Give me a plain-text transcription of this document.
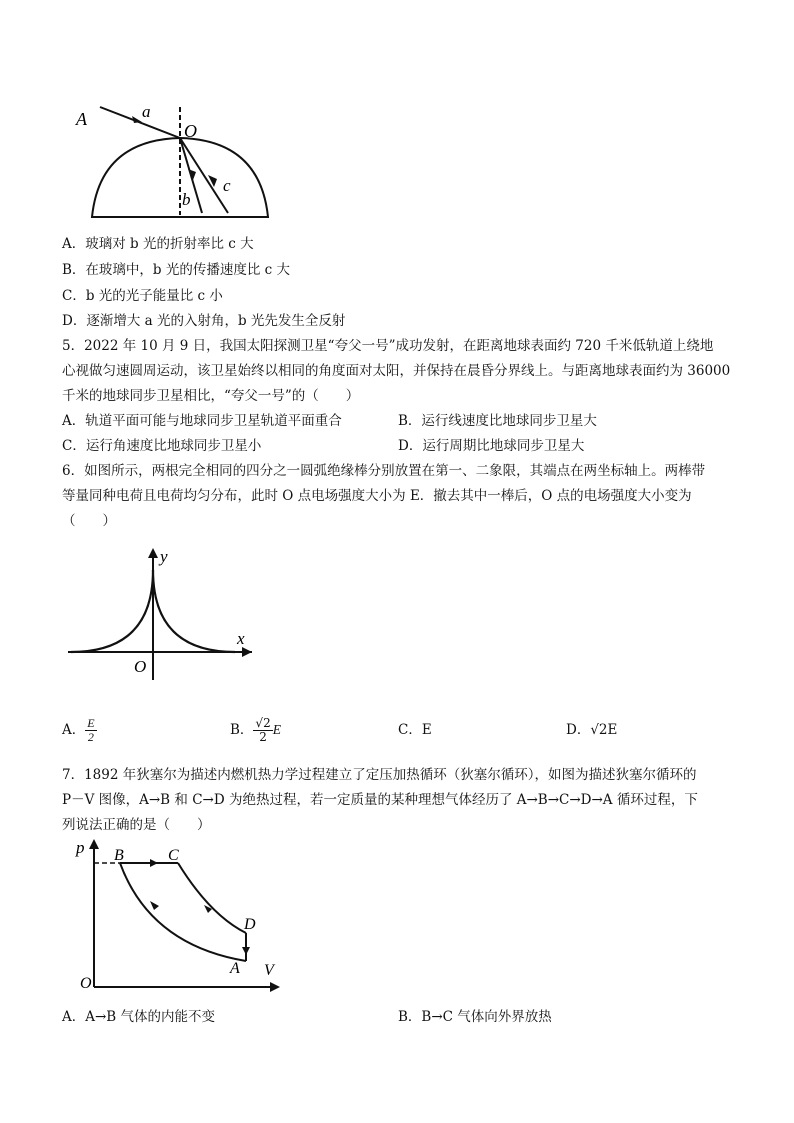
A	a
O
c
b
A．玻璃对 b 光的折射率比 c 大
B．在玻璃中，b 光的传播速度比 c 大
C．b 光的光子能量比 c 小
D．逐渐增大 a 光的入射角，b 光先发生全反射
5．2022 年 10 月 9 日，我国太阳探测卫星“夸父一号”成功发射，在距离地球表面约 720 千米低轨道上绕地
心视做匀速圆周运动，该卫星始终以相同的角度面对太阳，并保持在晨昏分界线上。与距离地球表面约为 36000
千米的地球同步卫星相比，“夸父一号”的（　　）
A．轨道平面可能与地球同步卫星轨道平面重合	B．运行线速度比地球同步卫星大
C．运行角速度比地球同步卫星小	D．运行周期比地球同步卫星大
6．如图所示，两根完全相同的四分之一圆弧绝缘棒分别放置在第一、二象限，其端点在两坐标轴上。两棒带
等量同种电荷且电荷均匀分布，此时 O 点电场强度大小为 E．撤去其中一棒后，O 点的电场强度大小变为
（　　）
y
x
O
A． $\frac{E}{2}$	B． $\frac{√2}{2}$ E	C．E	D．√2E
7．1892 年狄塞尔为描述内燃机热力学过程建立了定压加热循环（狄塞尔循环），如图为描述狄塞尔循环的
P－V 图像，A→B 和 C→D 为绝热过程，若一定质量的某种理想气体经历了 A→B→C→D→A 循环过程，下
列说法正确的是（　　）
p B	C
D
A V
O
A．A→B 气体的内能不变	B．B→C 气体向外界放热
